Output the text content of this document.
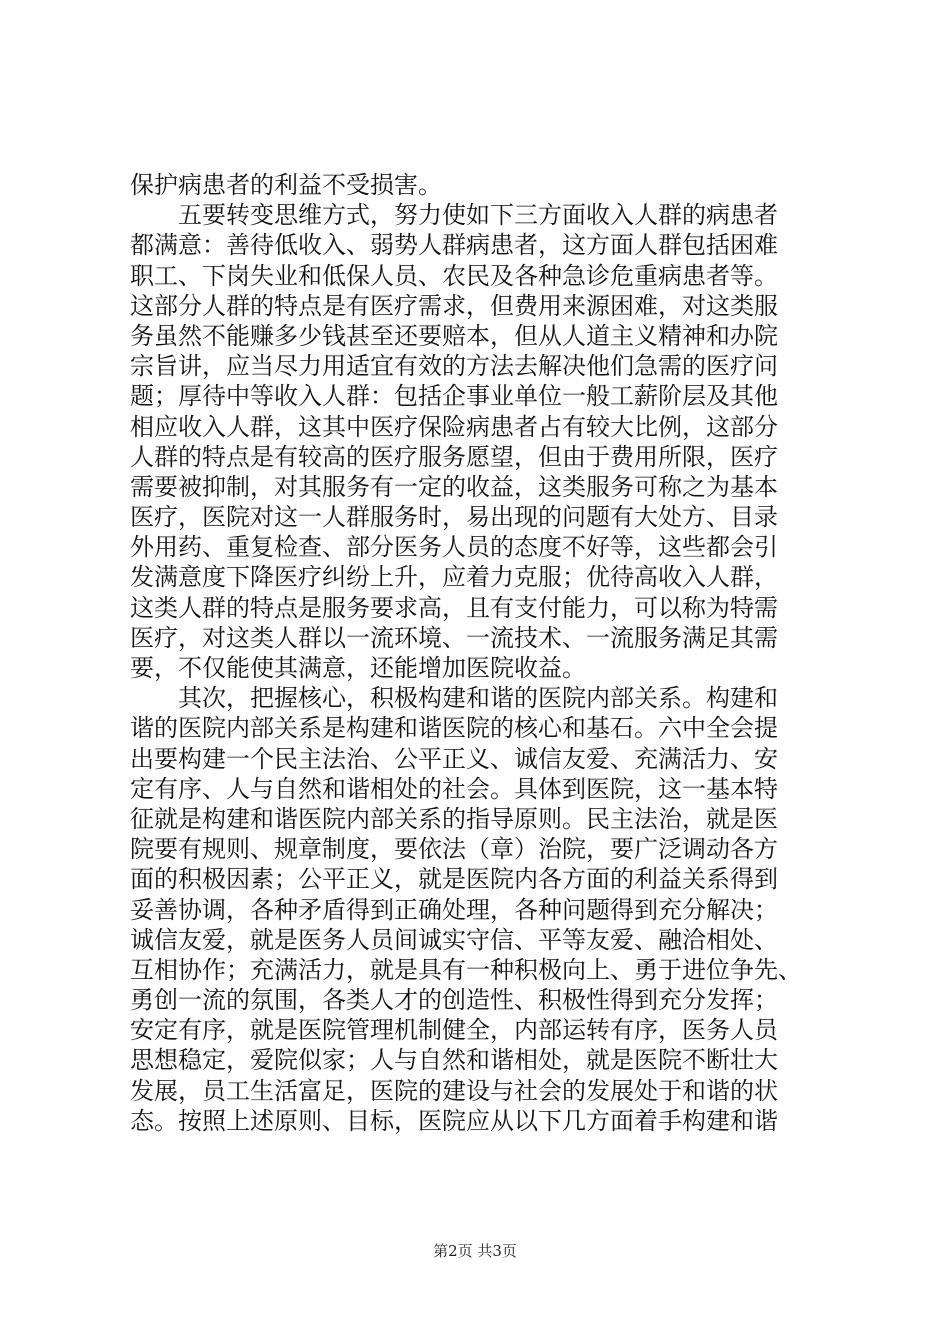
保护病患者的利益不受损害。
　　五要转变思维方式，努力使如下三方面收入人群的病患者
都满意：善待低收入、弱势人群病患者，这方面人群包括困难
职工、下岗失业和低保人员、农民及各种急诊危重病患者等。
这部分人群的特点是有医疗需求，但费用来源困难，对这类服
务虽然不能赚多少钱甚至还要赔本，但从人道主义精神和办院
宗旨讲，应当尽力用适宜有效的方法去解决他们急需的医疗问
题；厚待中等收入人群：包括企事业单位一般工薪阶层及其他
相应收入人群，这其中医疗保险病患者占有较大比例，这部分
人群的特点是有较高的医疗服务愿望，但由于费用所限，医疗
需要被抑制，对其服务有一定的收益，这类服务可称之为基本
医疗，医院对这一人群服务时，易出现的问题有大处方、目录
外用药、重复检查、部分医务人员的态度不好等，这些都会引
发满意度下降医疗纠纷上升，应着力克服；优待高收入人群，
这类人群的特点是服务要求高，且有支付能力，可以称为特需
医疗，对这类人群以一流环境、一流技术、一流服务满足其需
要，不仅能使其满意，还能增加医院收益。
　　其次，把握核心，积极构建和谐的医院内部关系。构建和
谐的医院内部关系是构建和谐医院的核心和基石。六中全会提
出要构建一个民主法治、公平正义、诚信友爱、充满活力、安
定有序、人与自然和谐相处的社会。具体到医院，这一基本特
征就是构建和谐医院内部关系的指导原则。民主法治，就是医
院要有规则、规章制度，要依法（章）治院，要广泛调动各方
面的积极因素；公平正义，就是医院内各方面的利益关系得到
妥善协调，各种矛盾得到正确处理，各种问题得到充分解决；
诚信友爱，就是医务人员间诚实守信、平等友爱、融洽相处、
互相协作；充满活力，就是具有一种积极向上、勇于进位争先、
勇创一流的氛围，各类人才的创造性、积极性得到充分发挥；
安定有序，就是医院管理机制健全，内部运转有序，医务人员
思想稳定，爱院似家；人与自然和谐相处，就是医院不断壮大
发展，员工生活富足，医院的建设与社会的发展处于和谐的状
态。按照上述原则、目标，医院应从以下几方面着手构建和谐
第2页 共3页
